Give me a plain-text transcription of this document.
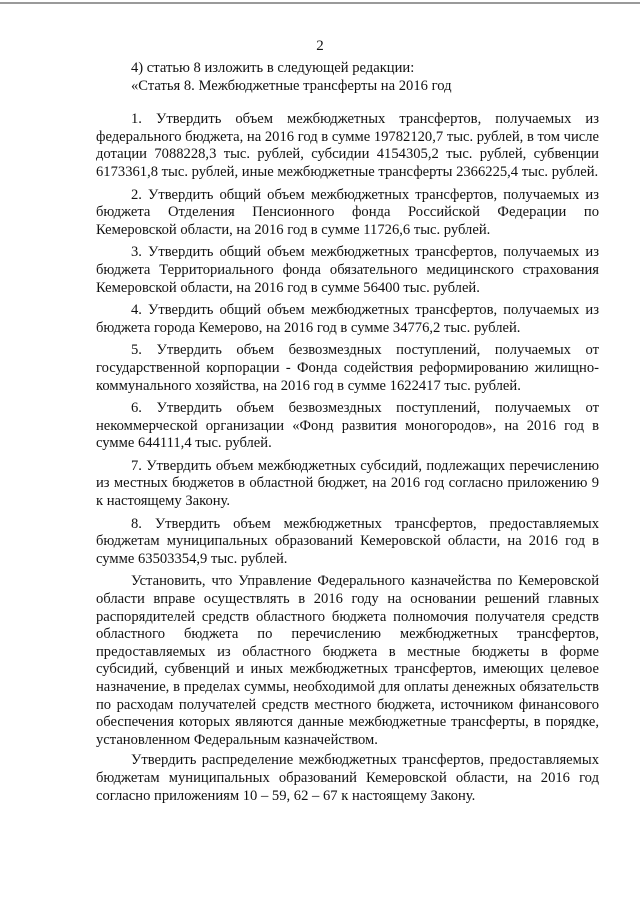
2

4) статью 8 изложить в следующей редакции:

«Статья 8. Межбюджетные трансферты на 2016 год

1. Утвердить объем межбюджетных трансфертов, получаемых из федерального бюджета, на 2016 год в сумме 19782120,7 тыс. рублей, в том числе дотации 7088228,3 тыс. рублей, субсидии 4154305,2 тыс. рублей, субвенции 6173361,8 тыс. рублей, иные межбюджетные трансферты 2366225,4 тыс. рублей.

2. Утвердить общий объем межбюджетных трансфертов, получаемых из бюджета Отделения Пенсионного фонда Российской Федерации по Кемеровской области, на 2016 год в сумме 11726,6 тыс. рублей.

3. Утвердить общий объем межбюджетных трансфертов, получаемых из бюджета Территориального фонда обязательного медицинского страхования Кемеровской области, на 2016 год в сумме 56400 тыс. рублей.

4. Утвердить общий объем межбюджетных трансфертов, получаемых из бюджета города Кемерово, на 2016 год в сумме 34776,2 тыс. рублей.

5. Утвердить объем безвозмездных поступлений, получаемых от государственной корпорации - Фонда содействия реформированию жилищно-коммунального хозяйства, на 2016 год в сумме 1622417 тыс. рублей.

6. Утвердить объем безвозмездных поступлений, получаемых от некоммерческой организации «Фонд развития моногородов», на 2016 год в сумме 644111,4 тыс. рублей.

7. Утвердить объем межбюджетных субсидий, подлежащих перечислению из местных бюджетов в областной бюджет, на 2016 год согласно приложению 9 к настоящему Закону.

8. Утвердить объем межбюджетных трансфертов, предоставляемых бюджетам муниципальных образований Кемеровской области, на 2016 год в сумме 63503354,9 тыс. рублей.

Установить, что Управление Федерального казначейства по Кемеровской области вправе осуществлять в 2016 году на основании решений главных распорядителей средств областного бюджета полномочия получателя средств областного бюджета по перечислению межбюджетных трансфертов, предоставляемых из областного бюджета в местные бюджеты в форме субсидий, субвенций и иных межбюджетных трансфертов, имеющих целевое назначение, в пределах суммы, необходимой для оплаты денежных обязательств по расходам получателей средств местного бюджета, источником финансового обеспечения которых являются данные межбюджетные трансферты, в порядке, установленном Федеральным казначейством.

Утвердить распределение межбюджетных трансфертов, предоставляемых бюджетам муниципальных образований Кемеровской области, на 2016 год согласно приложениям 10 – 59, 62 – 67 к настоящему Закону.
